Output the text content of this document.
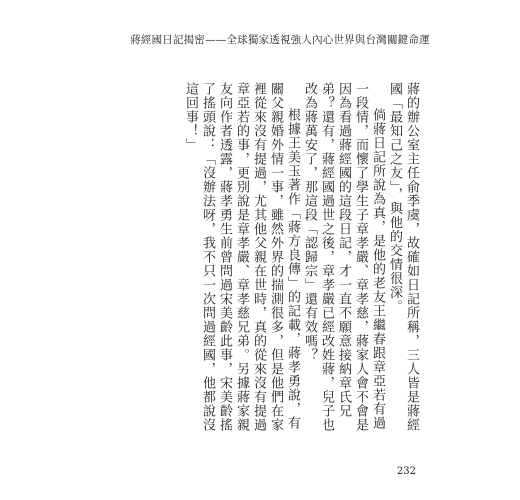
蔣經國日記揭密——全球獨家透視強人內心世界與台灣關鍵命運

蔣的辦公室主任俞季虞，故確如日記所稱，三人皆是蔣經國「最知己之友」，與他的交情很深。

倘蔣日記所說為真，是他的老友王繼春跟章亞若有過一段情，而懷了學生子章孝嚴、章孝慈，蔣家人會不會是因為看過蔣經國的這段日記，才一直不願意接納章氏兄弟？還有，蔣經國過世之後，章孝嚴已經改姓蔣，兒子也改為蔣萬安了，那這段「認歸宗」還有效嗎？

根據王美玉著作「蔣方良傳」的記載，蔣孝勇說，有關父親婚外情一事，雖然外界的揣測很多，但是他們在家裡從來沒有提過，尤其他父親在世時，真的從來沒有提過章亞若的事，更別說是章孝嚴、章孝慈兄弟。另據蔣家親友向作者透露，蔣孝勇生前曾問過宋美齡此事，宋美齡搖了搖頭說：「沒辦法呀，我不只一次問過經國，他都說沒這回事！」

232
